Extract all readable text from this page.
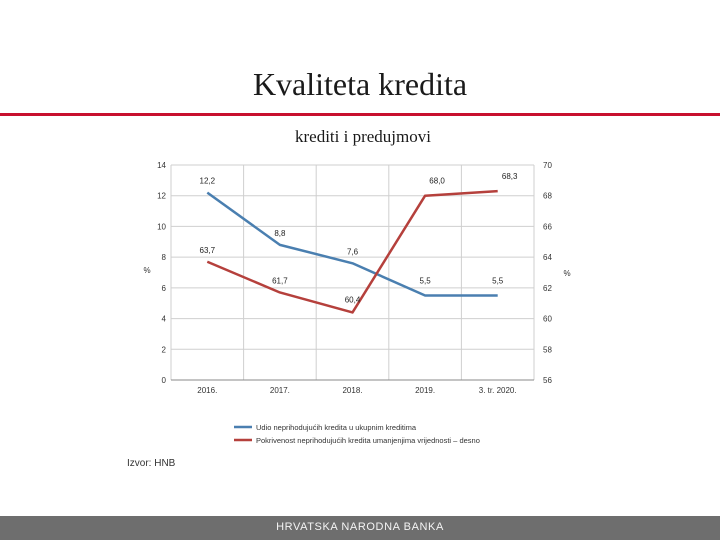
Kvaliteta kredita
krediti i predujmovi
0
2
4
6
8
10
12
14
56
58
60
62
64
66
68
70
%	%
2016.	2017.	2018.	2019.	3. tr. 2020.
12,2
8,8
7,6
5,5	5,5
63,7
61,7
60,4
68,0
68,3
Udio neprihodujućih kredita u ukupnim kreditima
Pokrivenost neprihodujućih kredita umanjenjima vrijednosti – desno
Izvor: HNB
HRVATSKA NARODNA BANKA
